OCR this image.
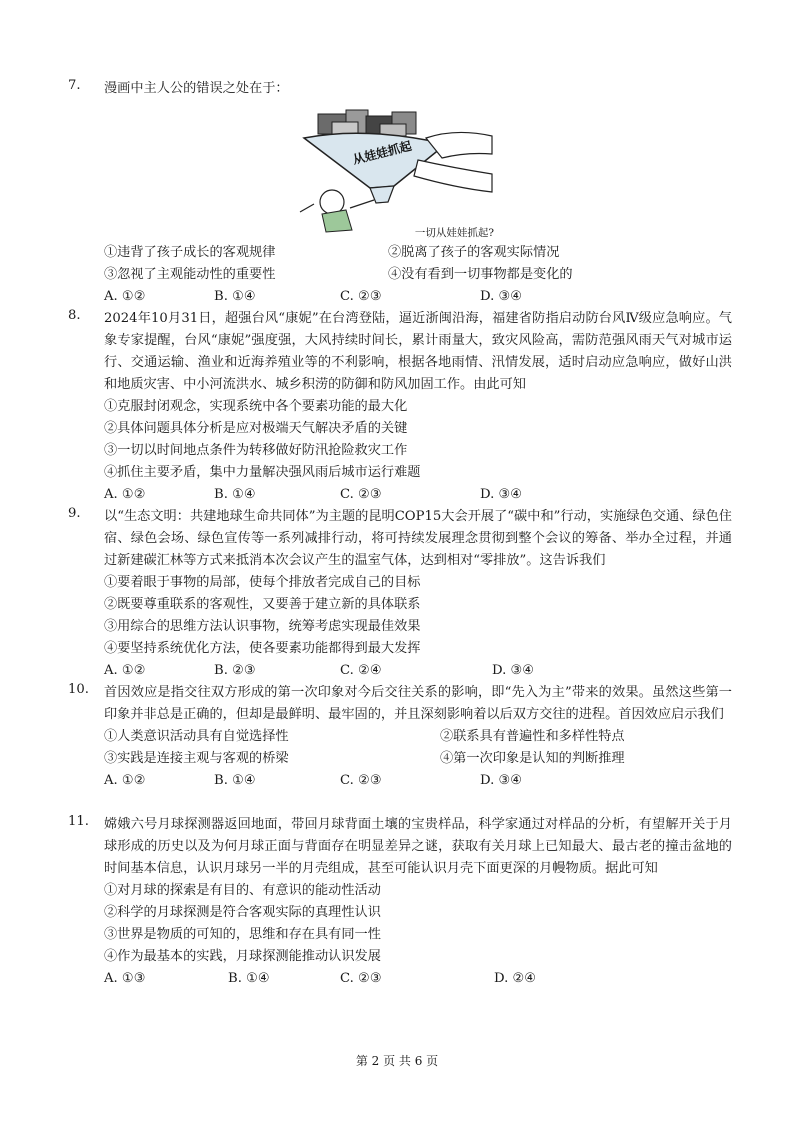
7.	漫画中主人公的错误之处在于：
从娃娃抓起
一切从娃娃抓起?
①违背了孩子成长的客观规律	②脱离了孩子的客观实际情况
③忽视了主观能动性的重要性	④没有看到一切事物都是变化的
A. ①②	B. ①④	C. ②③	D. ③④
8.	2024年10月31日，超强台风“康妮”在台湾登陆，逼近浙闽沿海，福建省防指启动防台风Ⅳ级应急响应。气象专家提醒，台风“康妮”强度强，大风持续时间长，累计雨量大，致灾风险高，需防范强风雨天气对城市运行、交通运输、渔业和近海养殖业等的不利影响，根据各地雨情、汛情发展，适时启动应急响应，做好山洪和地质灾害、中小河流洪水、城乡积涝的防御和防风加固工作。由此可知
①克服封闭观念，实现系统中各个要素功能的最大化
②具体问题具体分析是应对极端天气解决矛盾的关键
③一切以时间地点条件为转移做好防汛抢险救灾工作
④抓住主要矛盾，集中力量解决强风雨后城市运行难题
A. ①②	B. ①④	C. ②③	D. ③④
9.	以“生态文明：共建地球生命共同体”为主题的昆明COP15大会开展了“碳中和”行动，实施绿色交通、绿色住宿、绿色会场、绿色宣传等一系列减排行动，将可持续发展理念贯彻到整个会议的筹备、举办全过程，并通过新建碳汇林等方式来抵消本次会议产生的温室气体，达到相对“零排放”。这告诉我们
①要着眼于事物的局部，使每个排放者完成自己的目标
②既要尊重联系的客观性，又要善于建立新的具体联系
③用综合的思维方法认识事物，统筹考虑实现最佳效果
④要坚持系统优化方法，使各要素功能都得到最大发挥
A. ①②	B. ②③	C. ②④	D. ③④
10.	首因效应是指交往双方形成的第一次印象对今后交往关系的影响，即“先入为主”带来的效果。虽然这些第一印象并非总是正确的，但却是最鲜明、最牢固的，并且深刻影响着以后双方交往的进程。首因效应启示我们
①人类意识活动具有自觉选择性	②联系具有普遍性和多样性特点
③实践是连接主观与客观的桥梁	④第一次印象是认知的判断推理
A. ①②	B. ①④	C. ②③	D. ③④
11.	嫦娥六号月球探测器返回地面，带回月球背面土壤的宝贵样品，科学家通过对样品的分析，有望解开关于月球形成的历史以及为何月球正面与背面存在明显差异之谜，获取有关月球上已知最大、最古老的撞击盆地的时间基本信息，认识月球另一半的月壳组成，甚至可能认识月壳下面更深的月幔物质。据此可知
①对月球的探索是有目的、有意识的能动性活动
②科学的月球探测是符合客观实际的真理性认识
③世界是物质的可知的，思维和存在具有同一性
④作为最基本的实践，月球探测能推动认识发展
A. ①③	B. ①④	C. ②③	D. ②④
第 2 页 共 6 页
